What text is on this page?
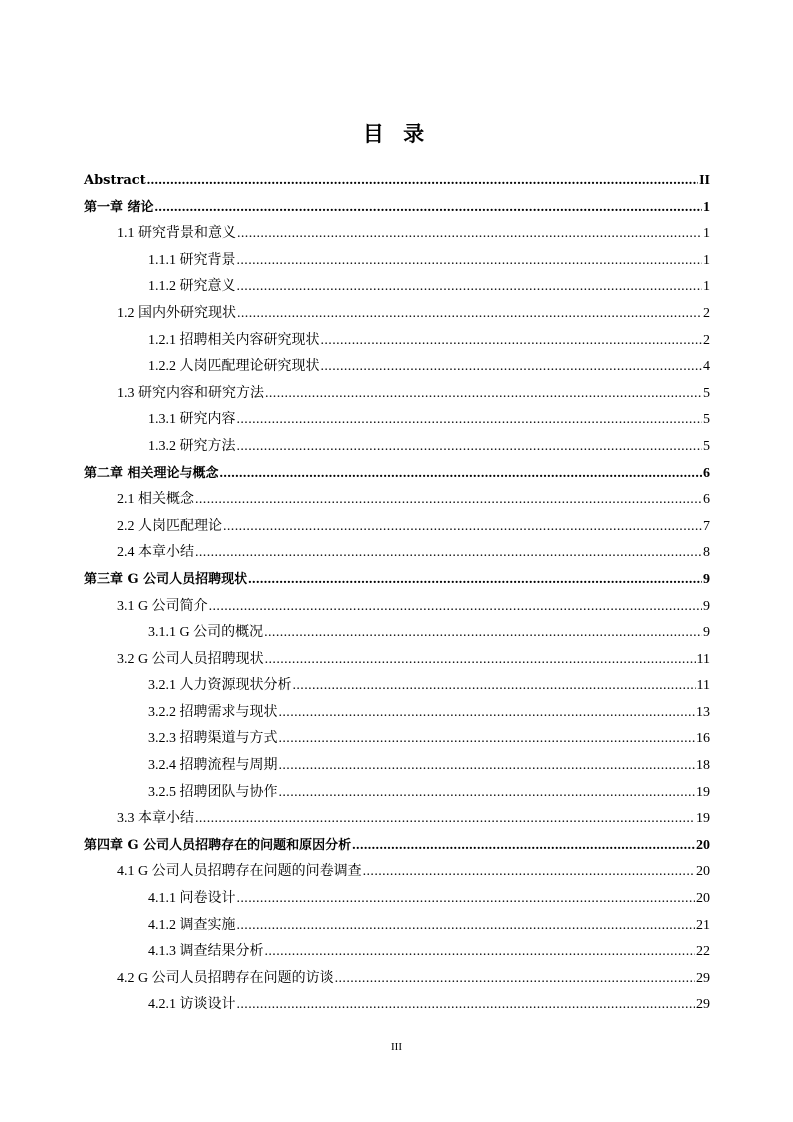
目 录
Abstract .....	II
第一章 绪论 .....	1
1.1 研究背景和意义 .....	1
1.1.1 研究背景 .....	1
1.1.2 研究意义 .....	1
1.2 国内外研究现状 .....	2
1.2.1 招聘相关内容研究现状 .....	2
1.2.2 人岗匹配理论研究现状 .....	4
1.3 研究内容和研究方法 .....	5
1.3.1 研究内容 .....	5
1.3.2 研究方法 .....	5
第二章 相关理论与概念 .....	6
2.1 相关概念 .....	6
2.2 人岗匹配理论 .....	7
2.4 本章小结 .....	8
第三章 G 公司人员招聘现状 .....	9
3.1 G 公司简介 .....	9
3.1.1 G 公司的概况 .....	9
3.2 G 公司人员招聘现状 .....	11
3.2.1 人力资源现状分析 .....	11
3.2.2 招聘需求与现状 .....	13
3.2.3 招聘渠道与方式 .....	16
3.2.4 招聘流程与周期 .....	18
3.2.5 招聘团队与协作 .....	19
3.3 本章小结 .....	19
第四章 G 公司人员招聘存在的问题和原因分析 .....	20
4.1 G 公司人员招聘存在问题的问卷调查 .....	20
4.1.1 问卷设计 .....	20
4.1.2 调查实施 .....	21
4.1.3 调查结果分析 .....	22
4.2 G 公司人员招聘存在问题的访谈 .....	29
4.2.1 访谈设计 .....	29
III
